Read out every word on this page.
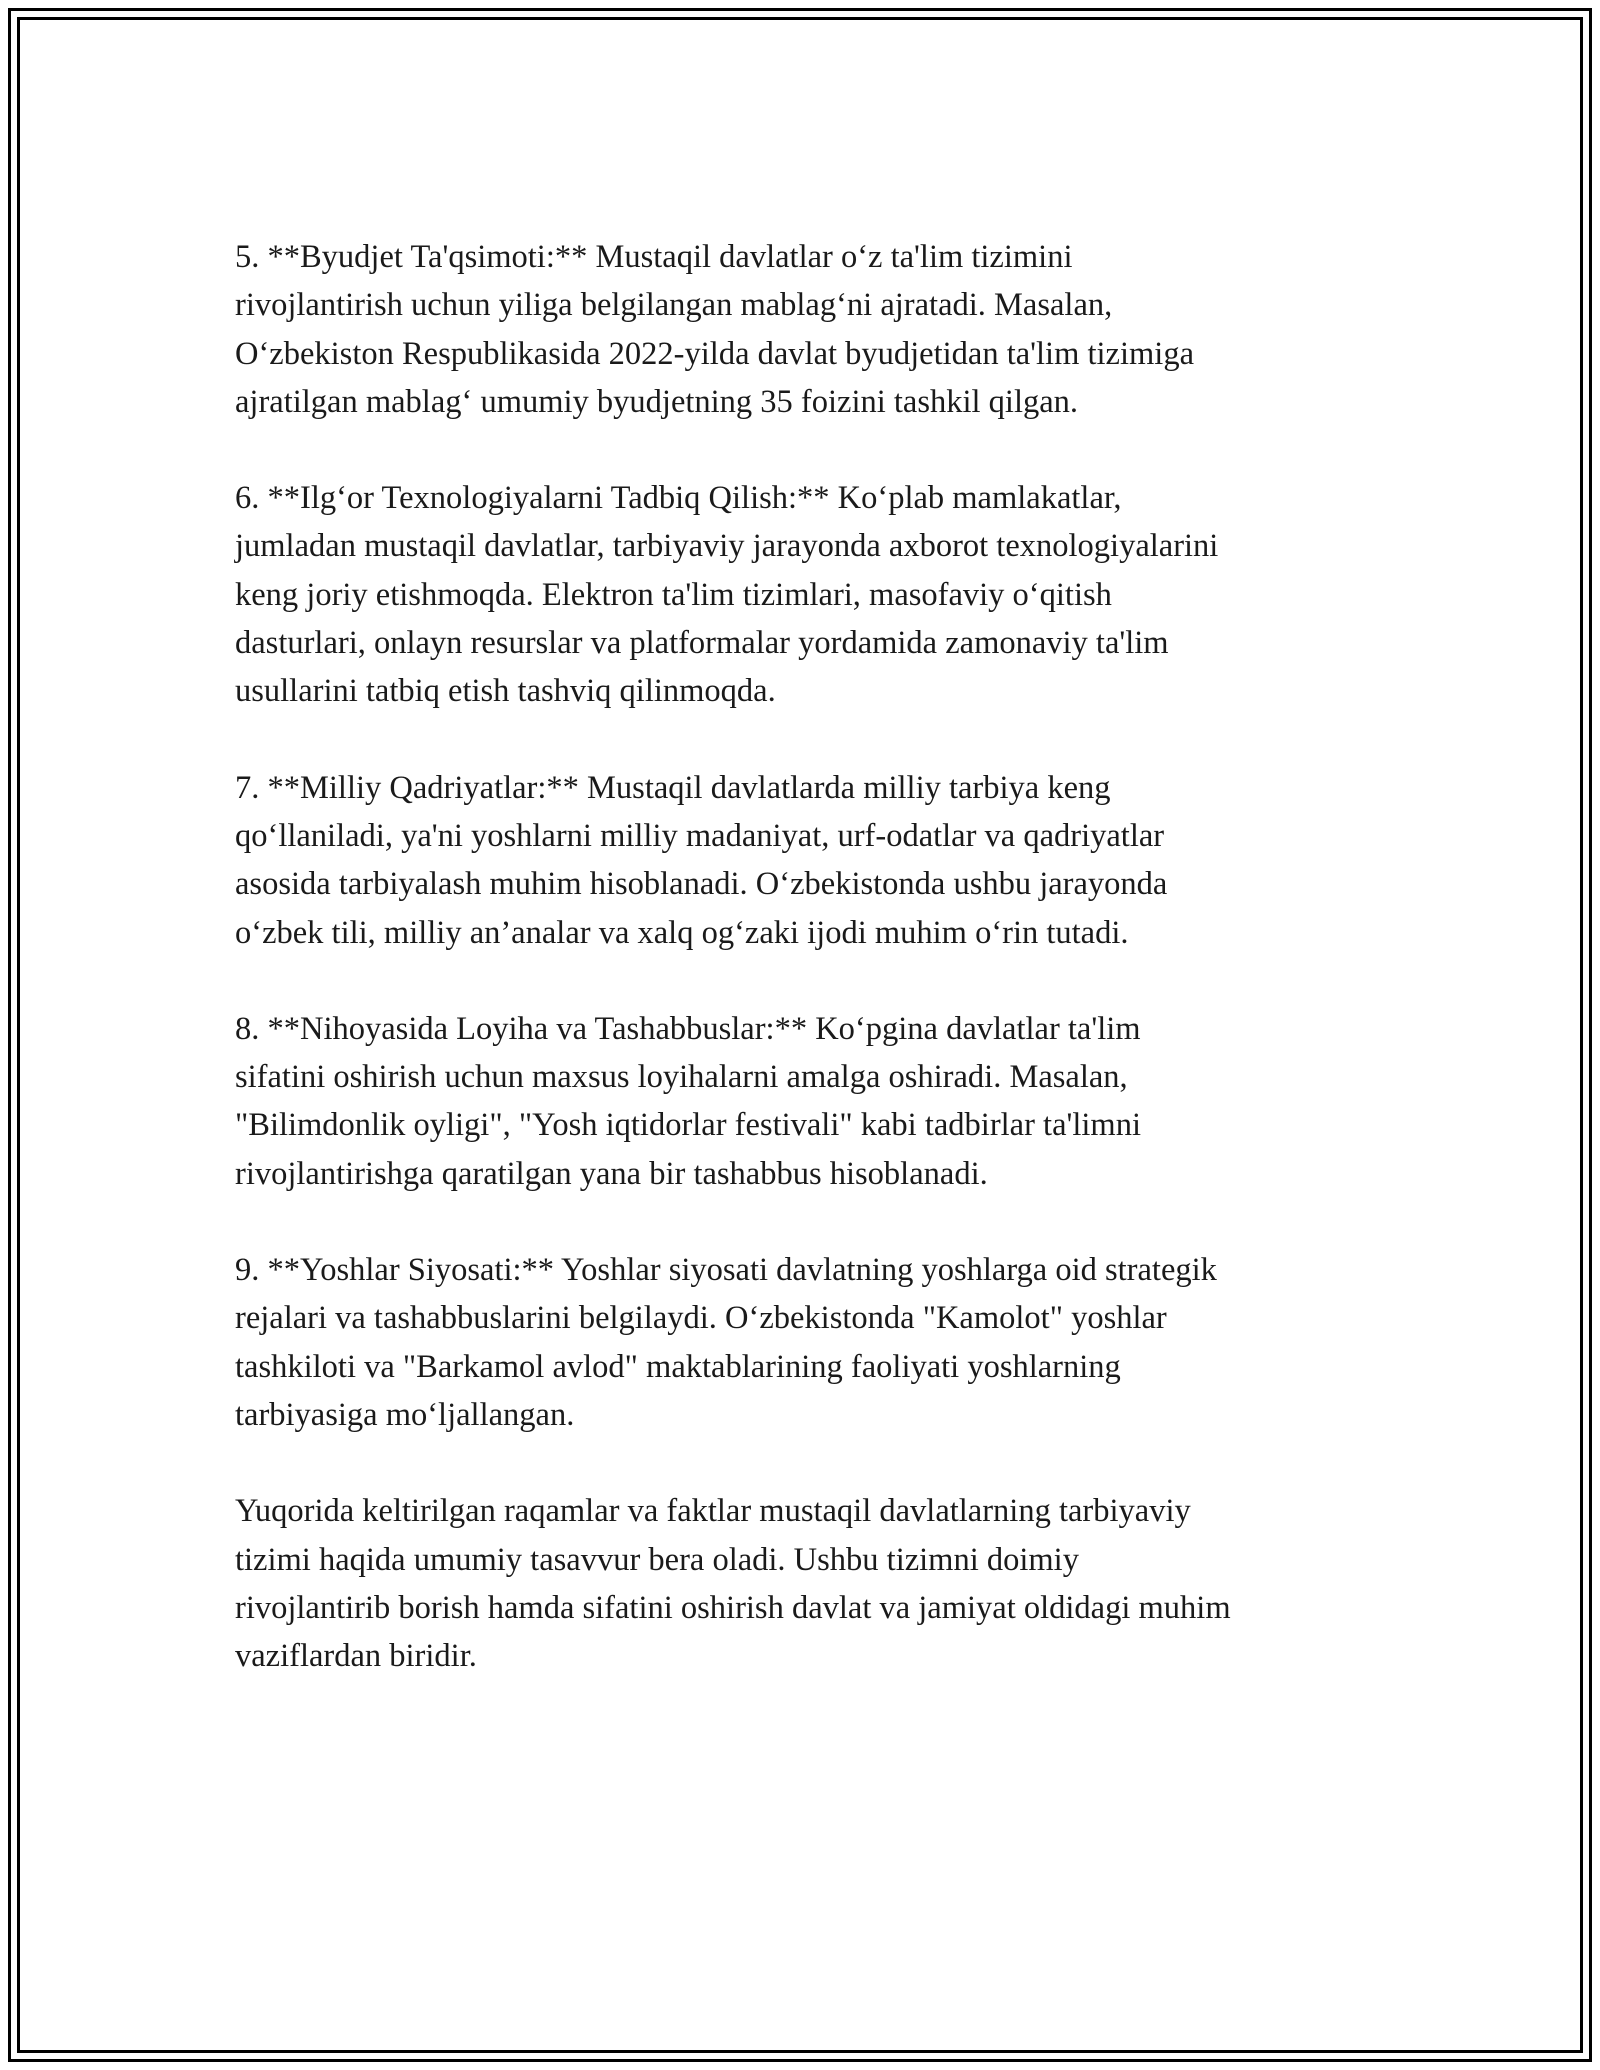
5. **Byudjet Ta'qsimoti:** Mustaqil davlatlar o‘z ta'lim tizimini
rivojlantirish uchun yiliga belgilangan mablag‘ni ajratadi. Masalan,
O‘zbekiston Respublikasida 2022-yilda davlat byudjetidan ta'lim tizimiga
ajratilgan mablag‘ umumiy byudjetning 35 foizini tashkil qilgan.

6. **Ilg‘or Texnologiyalarni Tadbiq Qilish:** Ko‘plab mamlakatlar,
jumladan mustaqil davlatlar, tarbiyaviy jarayonda axborot texnologiyalarini
keng joriy etishmoqda. Elektron ta'lim tizimlari, masofaviy o‘qitish
dasturlari, onlayn resurslar va platformalar yordamida zamonaviy ta'lim
usullarini tatbiq etish tashviq qilinmoqda.

7. **Milliy Qadriyatlar:** Mustaqil davlatlarda milliy tarbiya keng
qo‘llaniladi, ya'ni yoshlarni milliy madaniyat, urf-odatlar va qadriyatlar
asosida tarbiyalash muhim hisoblanadi. O‘zbekistonda ushbu jarayonda
o‘zbek tili, milliy an’analar va xalq og‘zaki ijodi muhim o‘rin tutadi.

8. **Nihoyasida Loyiha va Tashabbuslar:** Ko‘pgina davlatlar ta'lim
sifatini oshirish uchun maxsus loyihalarni amalga oshiradi. Masalan,
"Bilimdonlik oyligi", "Yosh iqtidorlar festivali" kabi tadbirlar ta'limni
rivojlantirishga qaratilgan yana bir tashabbus hisoblanadi.

9. **Yoshlar Siyosati:** Yoshlar siyosati davlatning yoshlarga oid strategik
rejalari va tashabbuslarini belgilaydi. O‘zbekistonda "Kamolot" yoshlar
tashkiloti va "Barkamol avlod" maktablarining faoliyati yoshlarning
tarbiyasiga mo‘ljallangan.

Yuqorida keltirilgan raqamlar va faktlar mustaqil davlatlarning tarbiyaviy
tizimi haqida umumiy tasavvur bera oladi. Ushbu tizimni doimiy
rivojlantirib borish hamda sifatini oshirish davlat va jamiyat oldidagi muhim
vaziflardan biridir.
